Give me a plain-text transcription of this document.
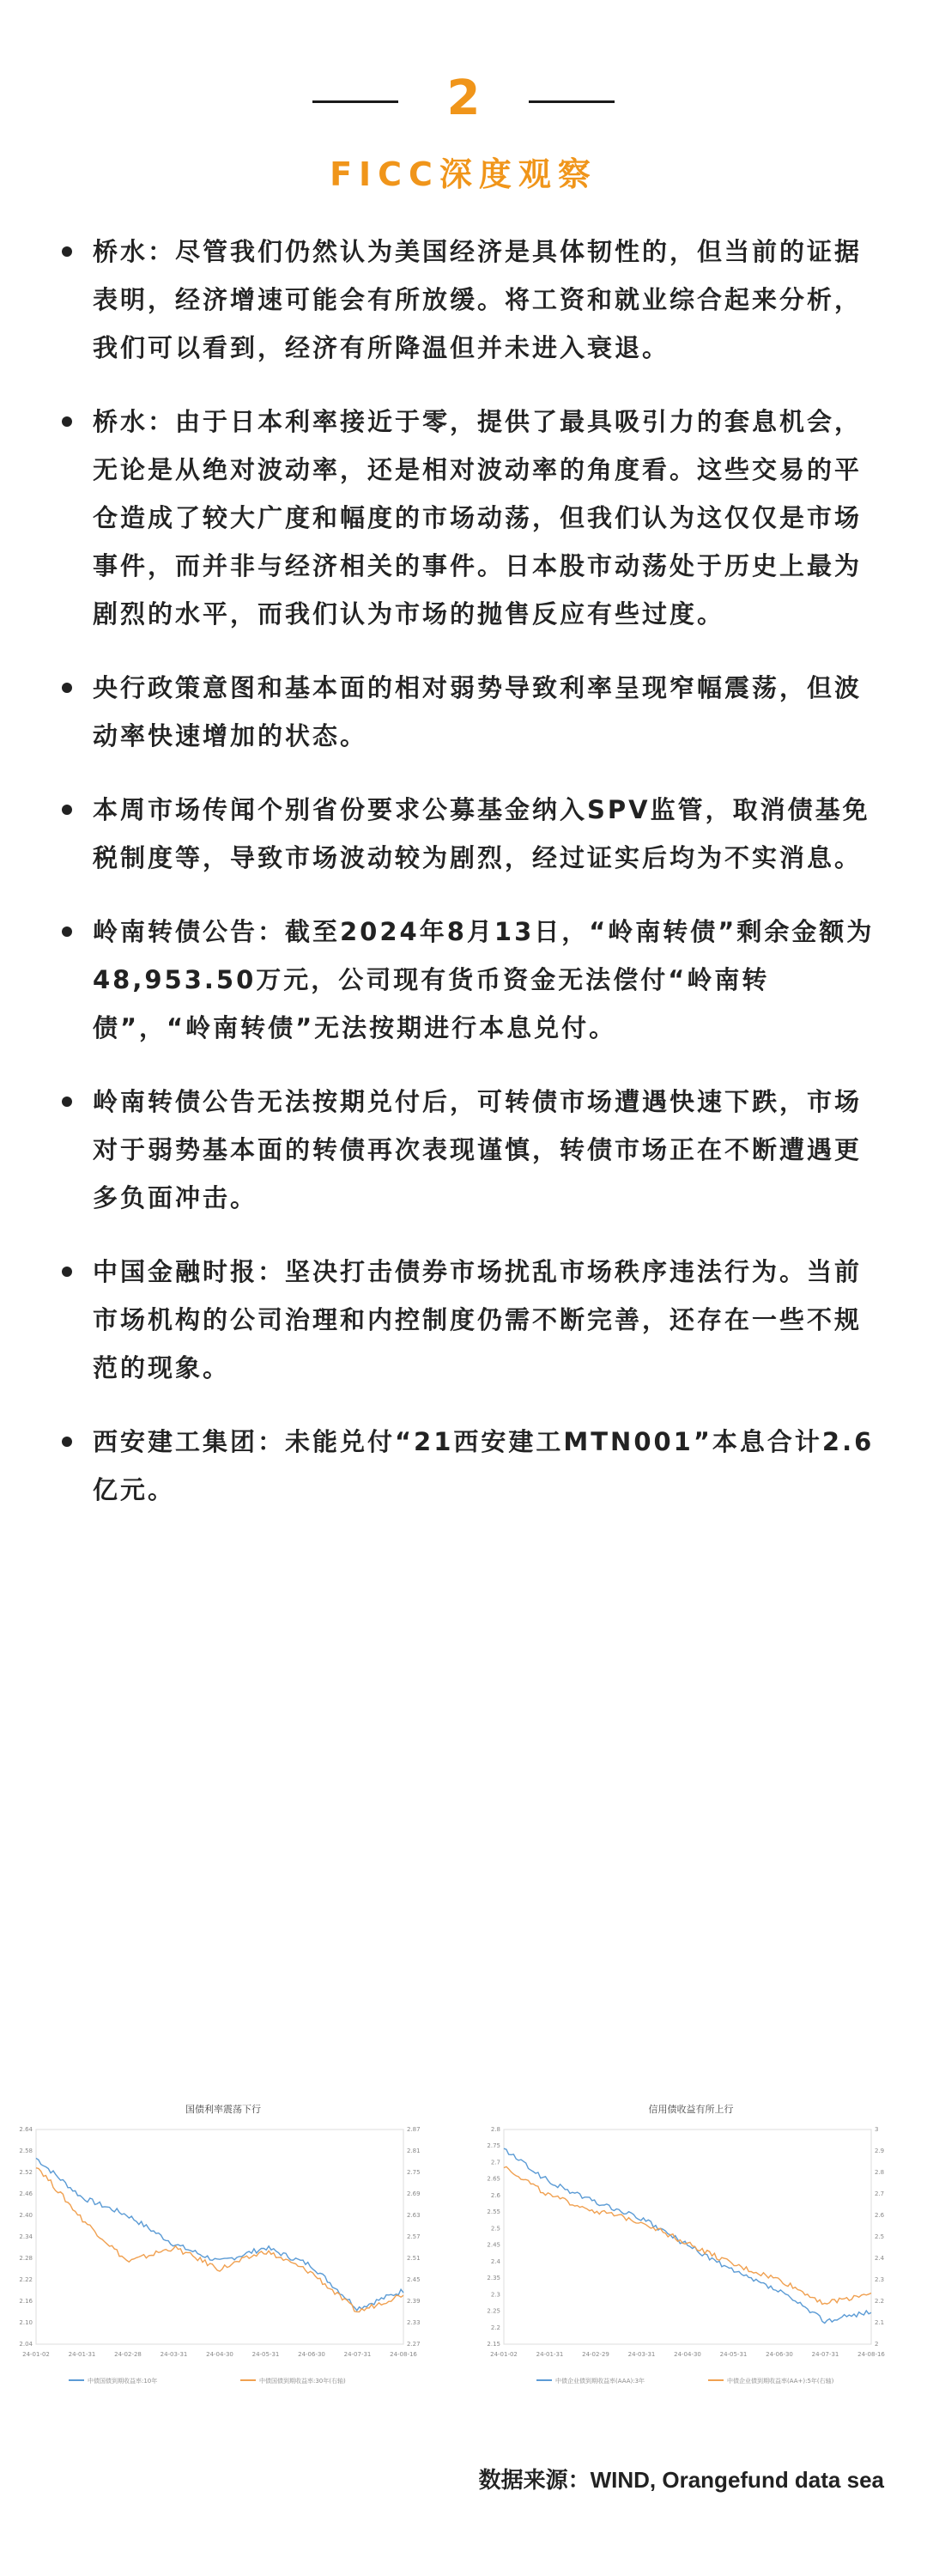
2
FICC深度观察
桥水：尽管我们仍然认为美国经济是具体韧性的，但当前的证据表明，经济增速可能会有所放缓。将工资和就业综合起来分析，我们可以看到，经济有所降温但并未进入衰退。
桥水：由于日本利率接近于零，提供了最具吸引力的套息机会，无论是从绝对波动率，还是相对波动率的角度看。这些交易的平仓造成了较大广度和幅度的市场动荡，但我们认为这仅仅是市场事件，而并非与经济相关的事件。日本股市动荡处于历史上最为剧烈的水平，而我们认为市场的抛售反应有些过度。
央行政策意图和基本面的相对弱势导致利率呈现窄幅震荡，但波动率快速增加的状态。
本周市场传闻个别省份要求公募基金纳入SPV监管，取消债基免税制度等，导致市场波动较为剧烈，经过证实后均为不实消息。
岭南转债公告：截至2024年8月13日，“岭南转债”剩余金额为48,953.50万元，公司现有货币资金无法偿付“岭南转债”，“岭南转债”无法按期进行本息兑付。
岭南转债公告无法按期兑付后，可转债市场遭遇快速下跌，市场对于弱势基本面的转债再次表现谨慎，转债市场正在不断遭遇更多负面冲击。
中国金融时报：坚决打击债券市场扰乱市场秩序违法行为。当前市场机构的公司治理和内控制度仍需不断完善，还存在一些不规范的现象。
西安建工集团：未能兑付“21西安建工MTN001”本息合计2.6亿元。
国债利率震荡下行
2.64
2.58
2.52
2.46
2.40
2.34
2.28
2.22
2.16
2.10
2.04
2.87
2.81
2.75
2.69
2.63
2.57
2.51
2.45
2.39
2.33
2.27
24-01-02	24-01-31	24-02-28	24-03-31	24-04-30	24-05-31	24-06-30	24-07-31	24-08-16
中债国债到期收益率:10年	中债国债到期收益率:30年(右轴)
信用债收益有所上行
2.8
2.75
2.7
2.65
2.6
2.55
2.5
2.45
2.4
2.35
2.3
2.25
2.2
2.15
3
2.9
2.8
2.7
2.6
2.5
2.4
2.3
2.2
2.1
2
24-01-02	24-01-31	24-02-29	24-03-31	24-04-30	24-05-31	24-06-30	24-07-31	24-08-16
中债企业债到期收益率(AAA):3年	中债企业债到期收益率(AA+):5年(右轴)
数据来源：WIND, Orangefund data sea
